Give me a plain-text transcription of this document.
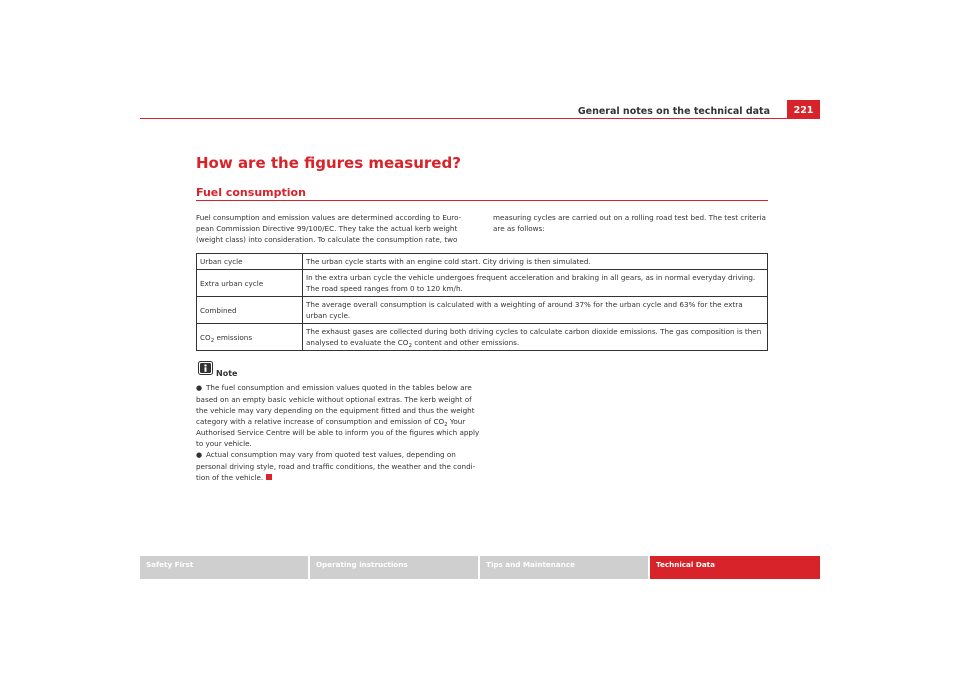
General notes on the technical data	221
How are the figures measured?
Fuel consumption

Fuel consumption and emission values are determined according to Euro-
pean Commission Directive 99/100/EC. They take the actual kerb weight
(weight class) into consideration. To calculate the consumption rate, two

measuring cycles are carried out on a rolling road test bed. The test criteria
are as follows:

Urban cycle	The urban cycle starts with an engine cold start. City driving is then simulated.
Extra urban cycle	In the extra urban cycle the vehicle undergoes frequent acceleration and braking in all gears, as in normal everyday driving. The road speed ranges from 0 to 120 km/h.
Combined	The average overall consumption is calculated with a weighting of around 37% for the urban cycle and 63% for the extra urban cycle.
$CO_2$ emissions	The exhaust gases are collected during both driving cycles to calculate carbon dioxide emissions. The gas composition is then analysed to evaluate the $CO_2$ content and other emissions.
Note
● The fuel consumption and emission values quoted in the tables below are
based on an empty basic vehicle without optional extras. The kerb weight of
the vehicle may vary depending on the equipment fitted and thus the weight
category with a relative increase of consumption and emission of $CO_2$ Your
Authorised Service Centre will be able to inform you of the figures which apply
to your vehicle.
● Actual consumption may vary from quoted test values, depending on
personal driving style, road and traffic conditions, the weather and the condi-
tion of the vehicle.
Safety First	Operating instructions	Tips and Maintenance	Technical Data
